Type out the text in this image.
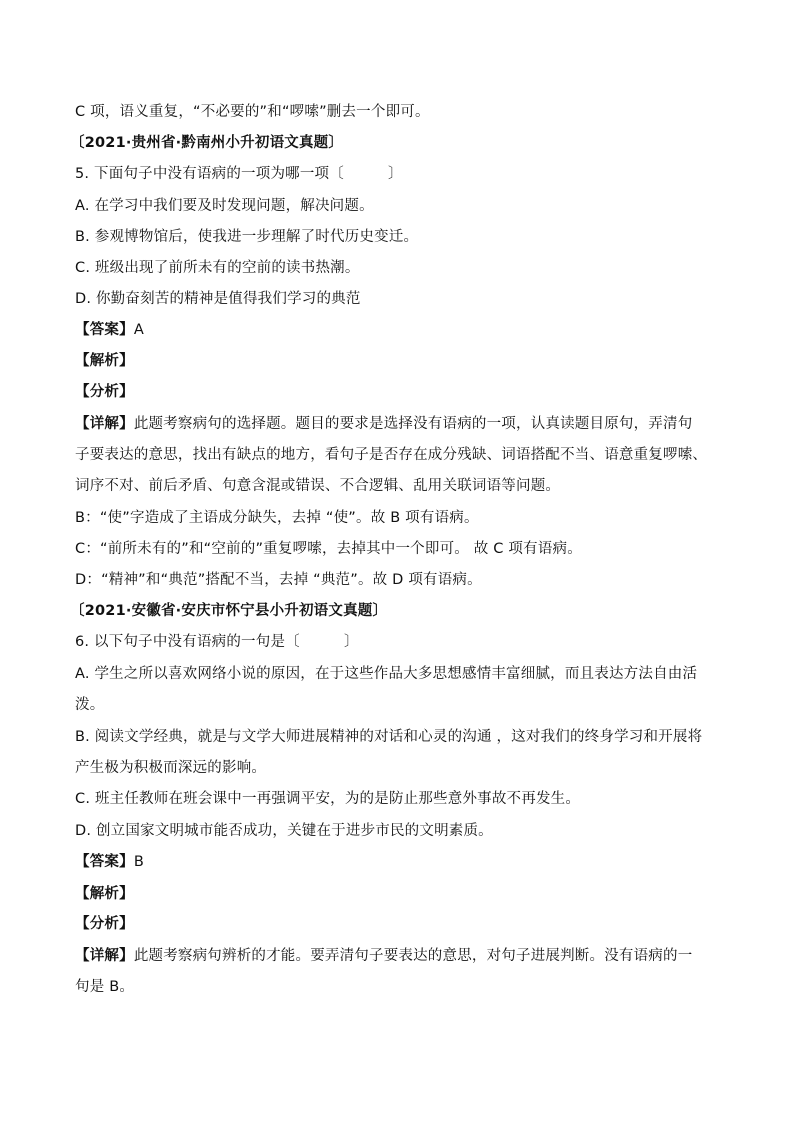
C 项，语义重复，“不必要的”和“啰嗦”删去一个即可。
〔2021·贵州省·黔南州小升初语文真题〕
5. 下面句子中没有语病的一项为哪一项〔　　　〕
A. 在学习中我们要及时发现问题，解决问题。
B. 参观博物馆后，使我进一步理解了时代历史变迁。
C. 班级出现了前所未有的空前的读书热潮。
D. 你勤奋刻苦的精神是值得我们学习的典范
【答案】A
【解析】
【分析】
【详解】此题考察病句的选择题。题目的要求是选择没有语病的一项，认真读题目原句，弄清句
子要表达的意思，找出有缺点的地方，看句子是否存在成分残缺、词语搭配不当、语意重复啰嗦、
词序不对、前后矛盾、句意含混或错误、不合逻辑、乱用关联词语等问题。
B：“使”字造成了主语成分缺失，去掉 “使”。故 B 项有语病。
C：“前所未有的”和“空前的”重复啰嗦，去掉其中一个即可。 故 C 项有语病。
D：“精神”和“典范”搭配不当，去掉 “典范”。故 D 项有语病。
〔2021·安徽省·安庆市怀宁县小升初语文真题〕
6. 以下句子中没有语病的一句是〔　　　〕
A. 学生之所以喜欢网络小说的原因，在于这些作品大多思想感情丰富细腻，而且表达方法自由活
泼。
B. 阅读文学经典，就是与文学大师进展精神的对话和心灵的沟通 ，这对我们的终身学习和开展将
产生极为积极而深远的影响。
C. 班主任教师在班会课中一再强调平安，为的是防止那些意外事故不再发生。
D. 创立国家文明城市能否成功，关键在于进步市民的文明素质。
【答案】B
【解析】
【分析】
【详解】此题考察病句辨析的才能。要弄清句子要表达的意思，对句子进展判断。没有语病的一
句是 B。
